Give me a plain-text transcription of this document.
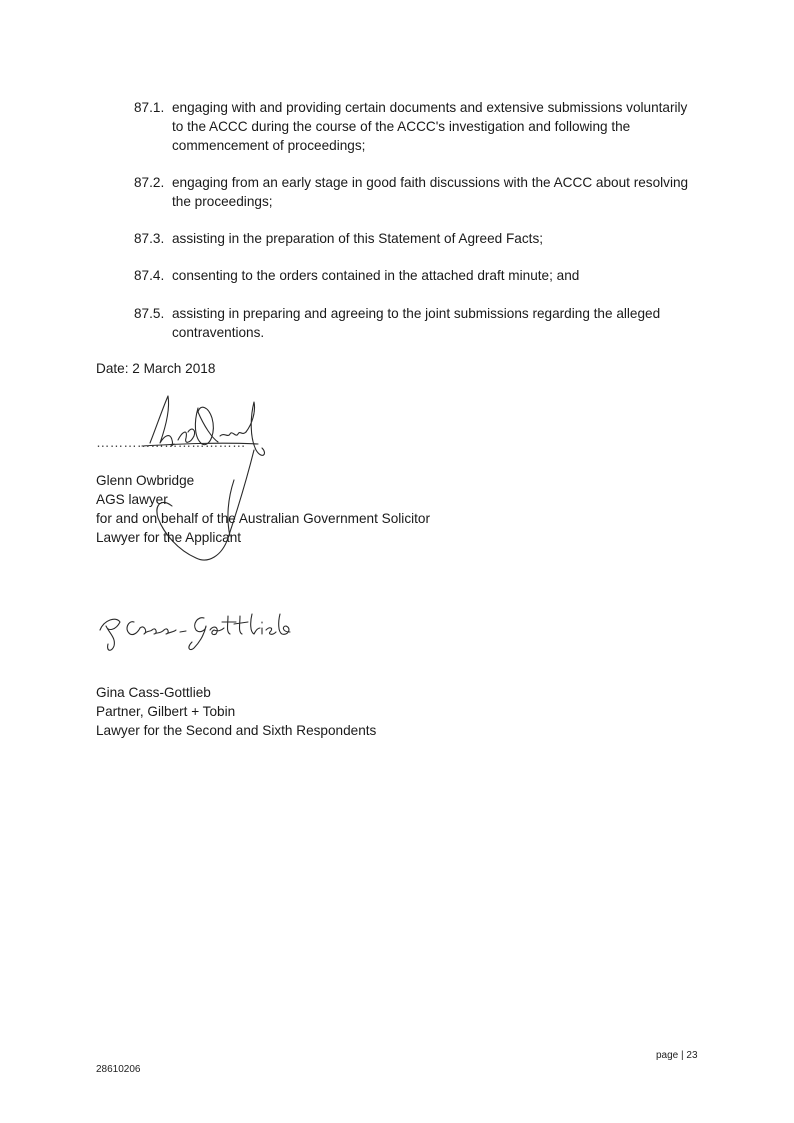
87.1. engaging with and providing certain documents and extensive submissions voluntarily to the ACCC during the course of the ACCC's investigation and following the commencement of proceedings;
87.2. engaging from an early stage in good faith discussions with the ACCC about resolving the proceedings;
87.3. assisting in the preparation of this Statement of Agreed Facts;
87.4. consenting to the orders contained in the attached draft minute; and
87.5. assisting in preparing and agreeing to the joint submissions regarding the alleged contraventions.
Date: 2 March 2018
……………………………
Glenn Owbridge
AGS lawyer
for and on behalf of the Australian Government Solicitor
Lawyer for the Applicant
Gina Cass-Gottlieb
Partner, Gilbert + Tobin
Lawyer for the Second and Sixth Respondents
page | 23
28610206
